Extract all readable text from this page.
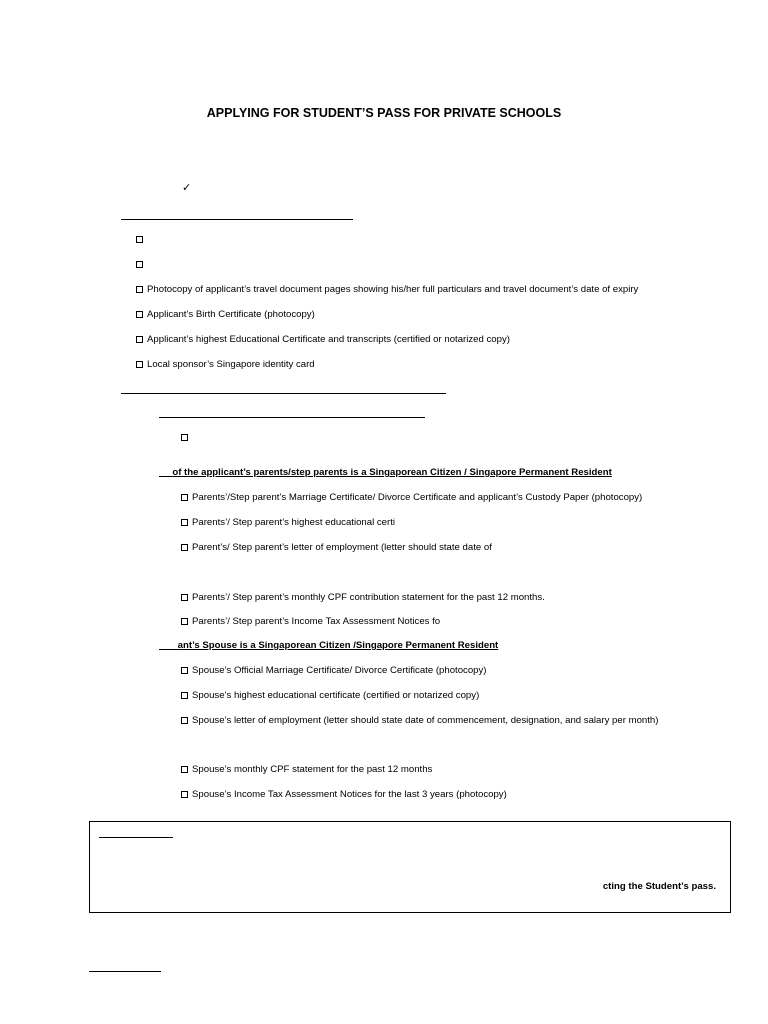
APPLYING FOR STUDENT’S PASS FOR PRIVATE SCHOOLS
✓
Photocopy of applicant’s travel document pages showing his/her full particulars and travel document’s date of expiry
Applicant’s Birth Certificate (photocopy)
Applicant’s highest Educational Certificate and transcripts (certified or notarized copy)
Local sponsor’s Singapore identity card
of the applicant’s parents/step parents is a Singaporean Citizen / Singapore Permanent Resident
Parents’/Step parent’s Marriage Certificate/ Divorce Certificate and applicant’s Custody Paper (photocopy)
Parents’/ Step parent’s highest educational certi
Parent’s/ Step parent’s letter of employment (letter should state date of
Parents’/ Step parent’s monthly CPF contribution statement for the past 12 months.
Parents’/ Step parent’s Income Tax Assessment Notices fo
ant’s Spouse is a Singaporean Citizen /Singapore Permanent Resident
Spouse’s Official Marriage Certificate/ Divorce Certificate (photocopy)
Spouse’s highest educational certificate (certified or notarized copy)
Spouse’s letter of employment (letter should state date of commencement, designation, and salary per month)
Spouse’s monthly CPF statement for the past 12 months
Spouse’s Income Tax Assessment Notices for the last 3 years (photocopy)
cting the Student’s pass.
